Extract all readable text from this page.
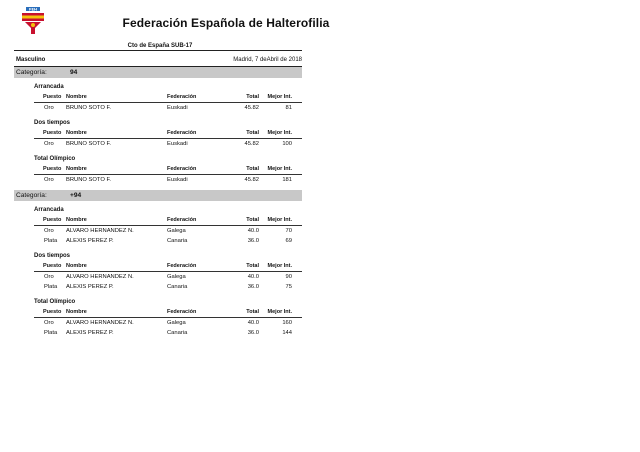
FEH
Federación Española de Halterofilia
Cto de España SUB-17
Masculino	Madrid, 7 deAbril de 2018
Categoría:	94
Arrancada
Puesto Nombre	Federación	Total	Mejor Int.
Oro	BRUNO SOTO F.	Euskadi	45.82	81
Dos tiempos
Puesto Nombre	Federación	Total	Mejor Int.
Oro	BRUNO SOTO F.	Euskadi	45.82	100
Total Olímpico
Puesto Nombre	Federación	Total	Mejor Int.
Oro	BRUNO SOTO F.	Euskadi	45.82	181
Categoría:	+94
Arrancada
Puesto Nombre	Federación	Total	Mejor Int.
Oro	ALVARO HERNANDEZ N.	Galega	40.0	70
Plata	ALEXIS PEREZ P.	Canaria	36.0	69
Dos tiempos
Puesto Nombre	Federación	Total	Mejor Int.
Oro	ALVARO HERNANDEZ N.	Galega	40.0	90
Plata	ALEXIS PEREZ P.	Canaria	36.0	75
Total Olímpico
Puesto Nombre	Federación	Total	Mejor Int.
Oro	ALVARO HERNANDEZ N.	Galega	40.0	160
Plata	ALEXIS PEREZ P.	Canaria	36.0	144
